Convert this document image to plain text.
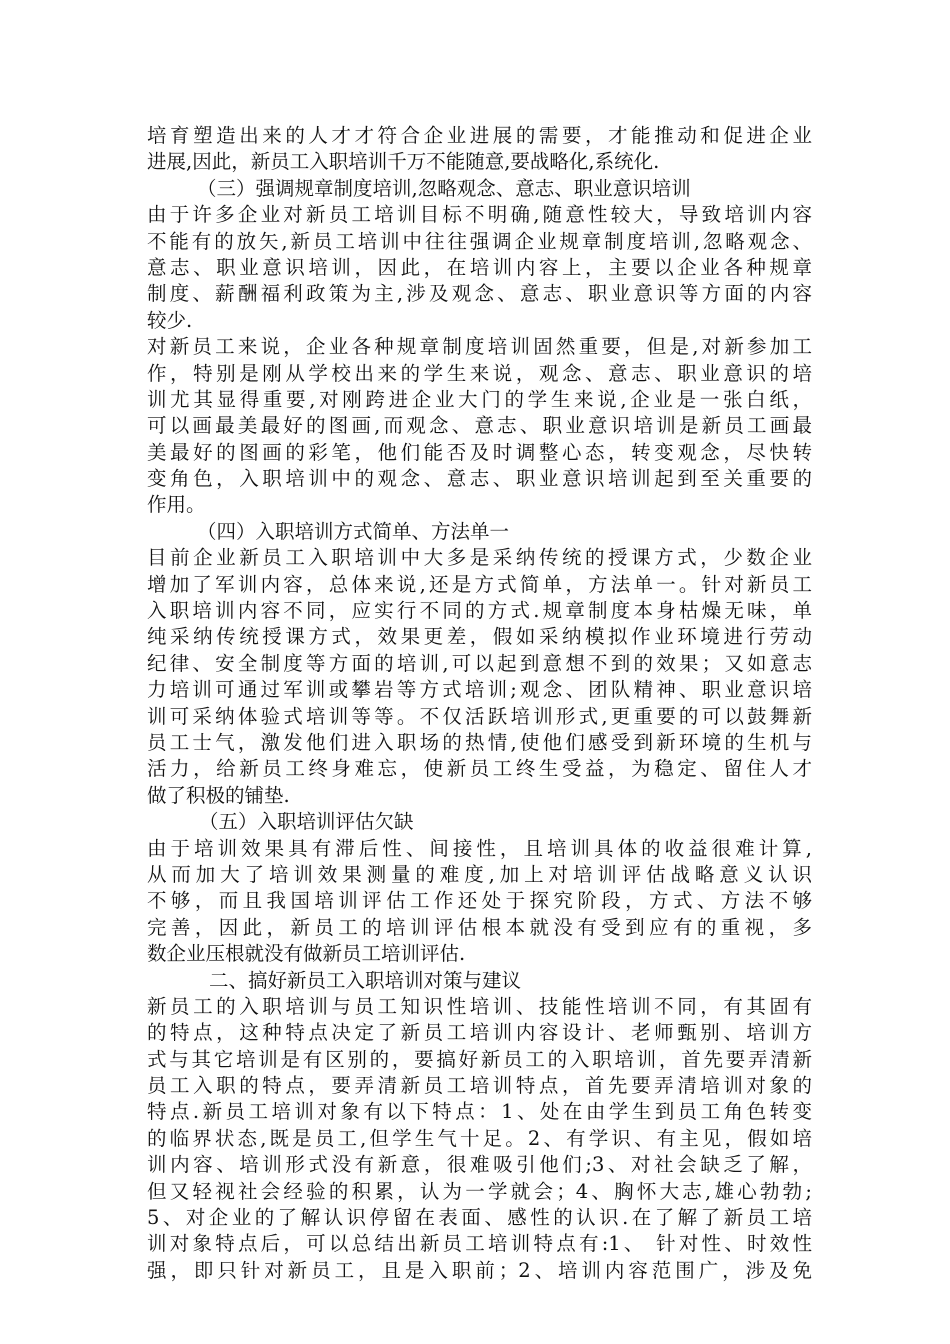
培育塑造出来的人才才符合企业进展的需要，才能推动和促进企业
进展,因此，新员工入职培训千万不能随意,要战略化,系统化.
（三）强调规章制度培训,忽略观念、意志、职业意识培训
由于许多企业对新员工培训目标不明确,随意性较大，导致培训内容
不能有的放矢,新员工培训中往往强调企业规章制度培训,忽略观念、
意志、职业意识培训，因此，在培训内容上，主要以企业各种规章
制度、薪酬福利政策为主,涉及观念、意志、职业意识等方面的内容
较少.
对新员工来说，企业各种规章制度培训固然重要，但是,对新参加工
作，特别是刚从学校出来的学生来说，观念、意志、职业意识的培
训尤其显得重要,对刚跨进企业大门的学生来说,企业是一张白纸，
可以画最美最好的图画,而观念、意志、职业意识培训是新员工画最
美最好的图画的彩笔，他们能否及时调整心态，转变观念，尽快转
变角色，入职培训中的观念、意志、职业意识培训起到至关重要的
作用。
（四）入职培训方式简单、方法单一
目前企业新员工入职培训中大多是采纳传统的授课方式，少数企业
增加了军训内容，总体来说,还是方式简单，方法单一。针对新员工
入职培训内容不同，应实行不同的方式.规章制度本身枯燥无味，单
纯采纳传统授课方式，效果更差，假如采纳模拟作业环境进行劳动
纪律、安全制度等方面的培训,可以起到意想不到的效果；又如意志
力培训可通过军训或攀岩等方式培训;观念、团队精神、职业意识培
训可采纳体验式培训等等。不仅活跃培训形式,更重要的可以鼓舞新
员工士气，激发他们进入职场的热情,使他们感受到新环境的生机与
活力，给新员工终身难忘，使新员工终生受益，为稳定、留住人才
做了积极的铺垫.
（五）入职培训评估欠缺
由于培训效果具有滞后性、间接性，且培训具体的收益很难计算,
从而加大了培训效果测量的难度,加上对培训评估战略意义认识
不够，而且我国培训评估工作还处于探究阶段，方式、方法不够
完善，因此，新员工的培训评估根本就没有受到应有的重视，多
数企业压根就没有做新员工培训评估.
二、搞好新员工入职培训对策与建议
新员工的入职培训与员工知识性培训、技能性培训不同，有其固有
的特点，这种特点决定了新员工培训内容设计、老师甄别、培训方
式与其它培训是有区别的，要搞好新员工的入职培训，首先要弄清新
员工入职的特点，要弄清新员工培训特点，首先要弄清培训对象的
特点.新员工培训对象有以下特点：1、处在由学生到员工角色转变
的临界状态,既是员工,但学生气十足。2、有学识、有主见，假如培
训内容、培训形式没有新意，很难吸引他们;3、对社会缺乏了解，
但又轻视社会经验的积累，认为一学就会；4、胸怀大志,雄心勃勃;
5、对企业的了解认识停留在表面、感性的认识.在了解了新员工培
训对象特点后，可以总结出新员工培训特点有:1、 针对性、时效性
强，即只针对新员工，且是入职前；2、培训内容范围广，涉及免
